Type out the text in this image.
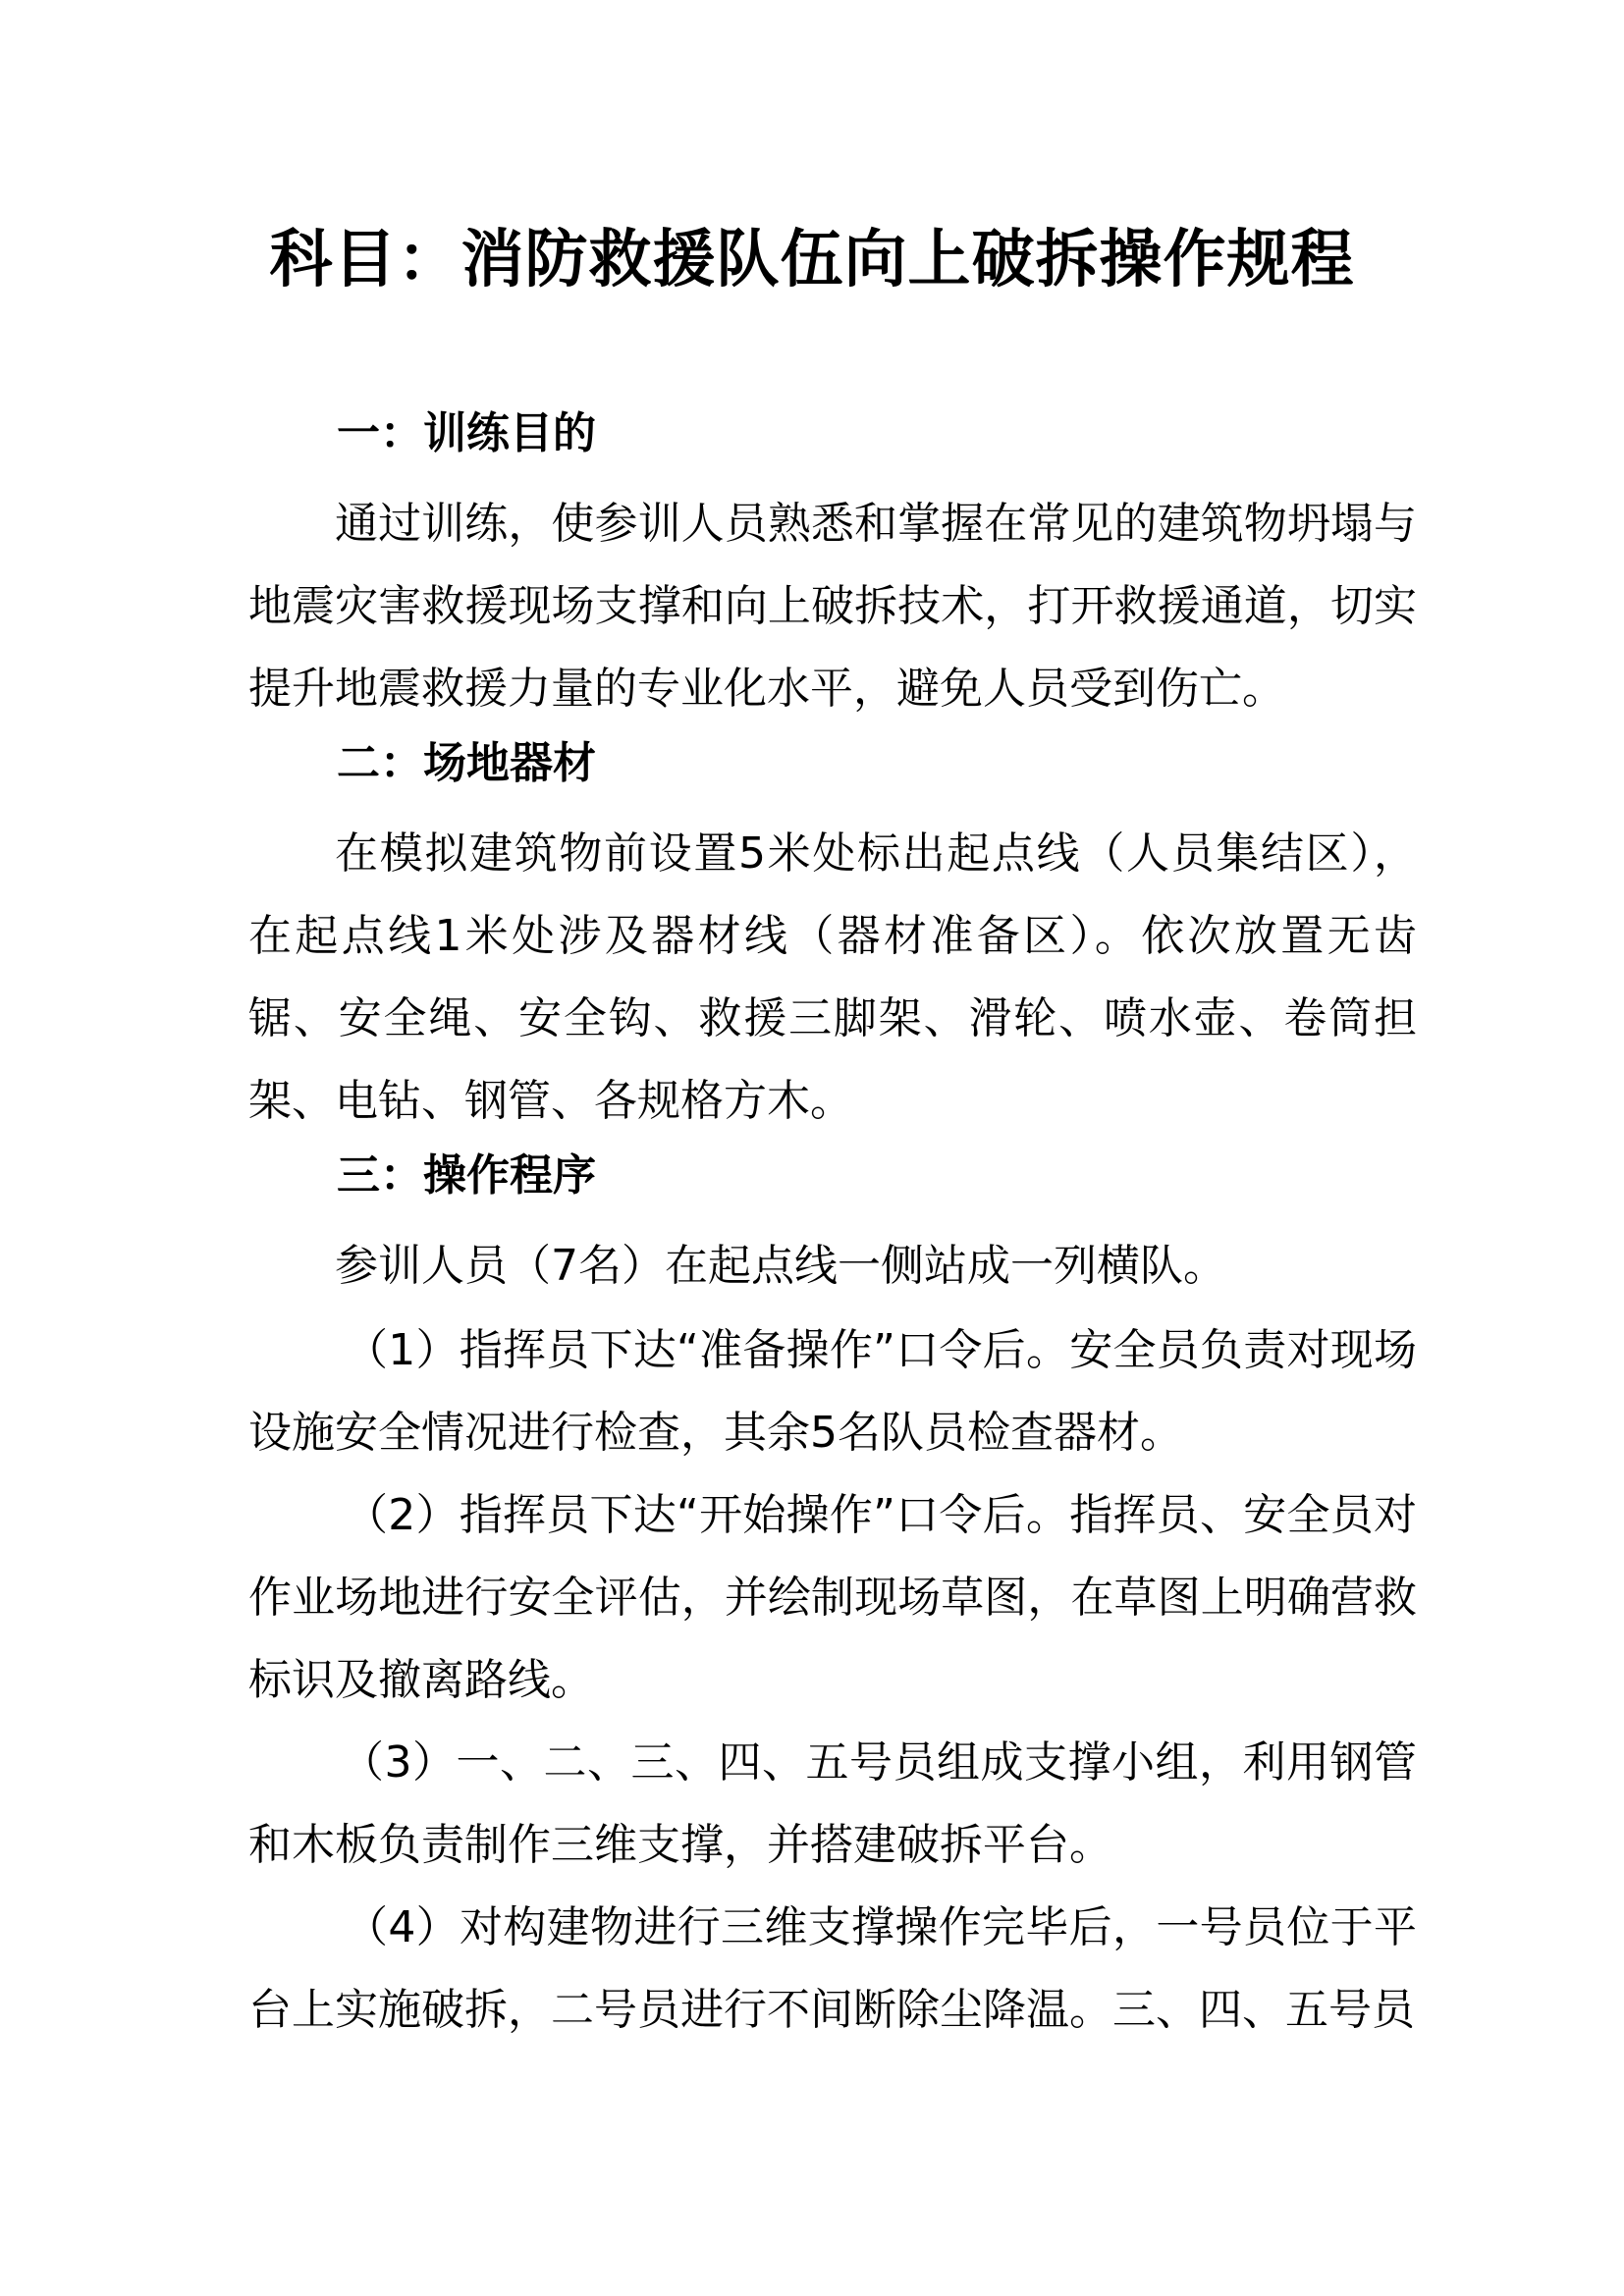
科目：消防救援队伍向上破拆操作规程
一：训练目的

通过训练，使参训人员熟悉和掌握在常见的建筑物坍塌与地震灾害救援现场支撑和向上破拆技术，打开救援通道，切实提升地震救援力量的专业化水平，避免人员受到伤亡。

二：场地器材

在模拟建筑物前设置5米处标出起点线（人员集结区），在起点线1米处涉及器材线（器材准备区）。依次放置无齿锯、安全绳、安全钩、救援三脚架、滑轮、喷水壶、卷筒担架、电钻、钢管、各规格方木。

三：操作程序

参训人员（7名）在起点线一侧站成一列横队。

（1）指挥员下达“准备操作”口令后。安全员负责对现场设施安全情况进行检查，其余5名队员检查器材。

（2）指挥员下达“开始操作”口令后。指挥员、安全员对作业场地进行安全评估，并绘制现场草图，在草图上明确营救标识及撤离路线。

（3）一、二、三、四、五号员组成支撑小组，利用钢管和木板负责制作三维支撑，并搭建破拆平台。

（4）对构建物进行三维支撑操作完毕后，一号员位于平台上实施破拆，二号员进行不间断除尘降温。三、四、五号员
